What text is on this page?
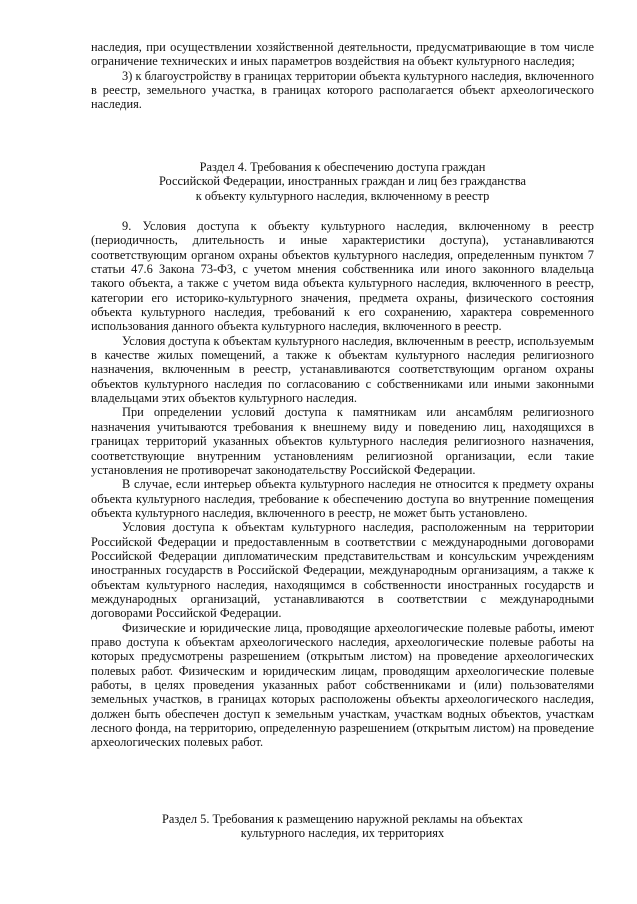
наследия, при осуществлении хозяйственной деятельности, предусматривающие в том числе ограничение технических и иных параметров воздействия на объект культурного наследия;

3) к благоустройству в границах территории объекта культурного наследия, включенного в реестр, земельного участка, в границах которого располагается объект археологического наследия.

Раздел 4. Требования к обеспечению доступа граждан
Российской Федерации, иностранных граждан и лиц без гражданства
к объекту культурного наследия, включенному в реестр

9. Условия доступа к объекту культурного наследия, включенному в реестр (периодичность, длительность и иные характеристики доступа), устанавливаются соответствующим органом охраны объектов культурного наследия, определенным пунктом 7 статьи 47.6 Закона 73-ФЗ, с учетом мнения собственника или иного законного владельца такого объекта, а также с учетом вида объекта культурного наследия, включенного в реестр, категории его историко-культурного значения, предмета охраны, физического состояния объекта культурного наследия, требований к его сохранению, характера современного использования данного объекта культурного наследия, включенного в реестр.

Условия доступа к объектам культурного наследия, включенным в реестр, используемым в качестве жилых помещений, а также к объектам культурного наследия религиозного назначения, включенным в реестр, устанавливаются соответствующим органом охраны объектов культурного наследия по согласованию с собственниками или иными законными владельцами этих объектов культурного наследия.

При определении условий доступа к памятникам или ансамблям религиозного назначения учитываются требования к внешнему виду и поведению лиц, находящихся в границах территорий указанных объектов культурного наследия религиозного назначения, соответствующие внутренним установлениям религиозной организации, если такие установления не противоречат законодательству Российской Федерации.

В случае, если интерьер объекта культурного наследия не относится к предмету охраны объекта культурного наследия, требование к обеспечению доступа во внутренние помещения объекта культурного наследия, включенного в реестр, не может быть установлено.

Условия доступа к объектам культурного наследия, расположенным на территории Российской Федерации и предоставленным в соответствии с международными договорами Российской Федерации дипломатическим представительствам и консульским учреждениям иностранных государств в Российской Федерации, международным организациям, а также к объектам культурного наследия, находящимся в собственности иностранных государств и международных организаций, устанавливаются в соответствии с международными договорами Российской Федерации.

Физические и юридические лица, проводящие археологические полевые работы, имеют право доступа к объектам археологического наследия, археологические полевые работы на которых предусмотрены разрешением (открытым листом) на проведение археологических полевых работ. Физическим и юридическим лицам, проводящим археологические полевые работы, в целях проведения указанных работ собственниками и (или) пользователями земельных участков, в границах которых расположены объекты археологического наследия, должен быть обеспечен доступ к земельным участкам, участкам водных объектов, участкам лесного фонда, на территорию, определенную разрешением (открытым листом) на проведение археологических полевых работ.

Раздел 5. Требования к размещению наружной рекламы на объектах
культурного наследия, их территориях
